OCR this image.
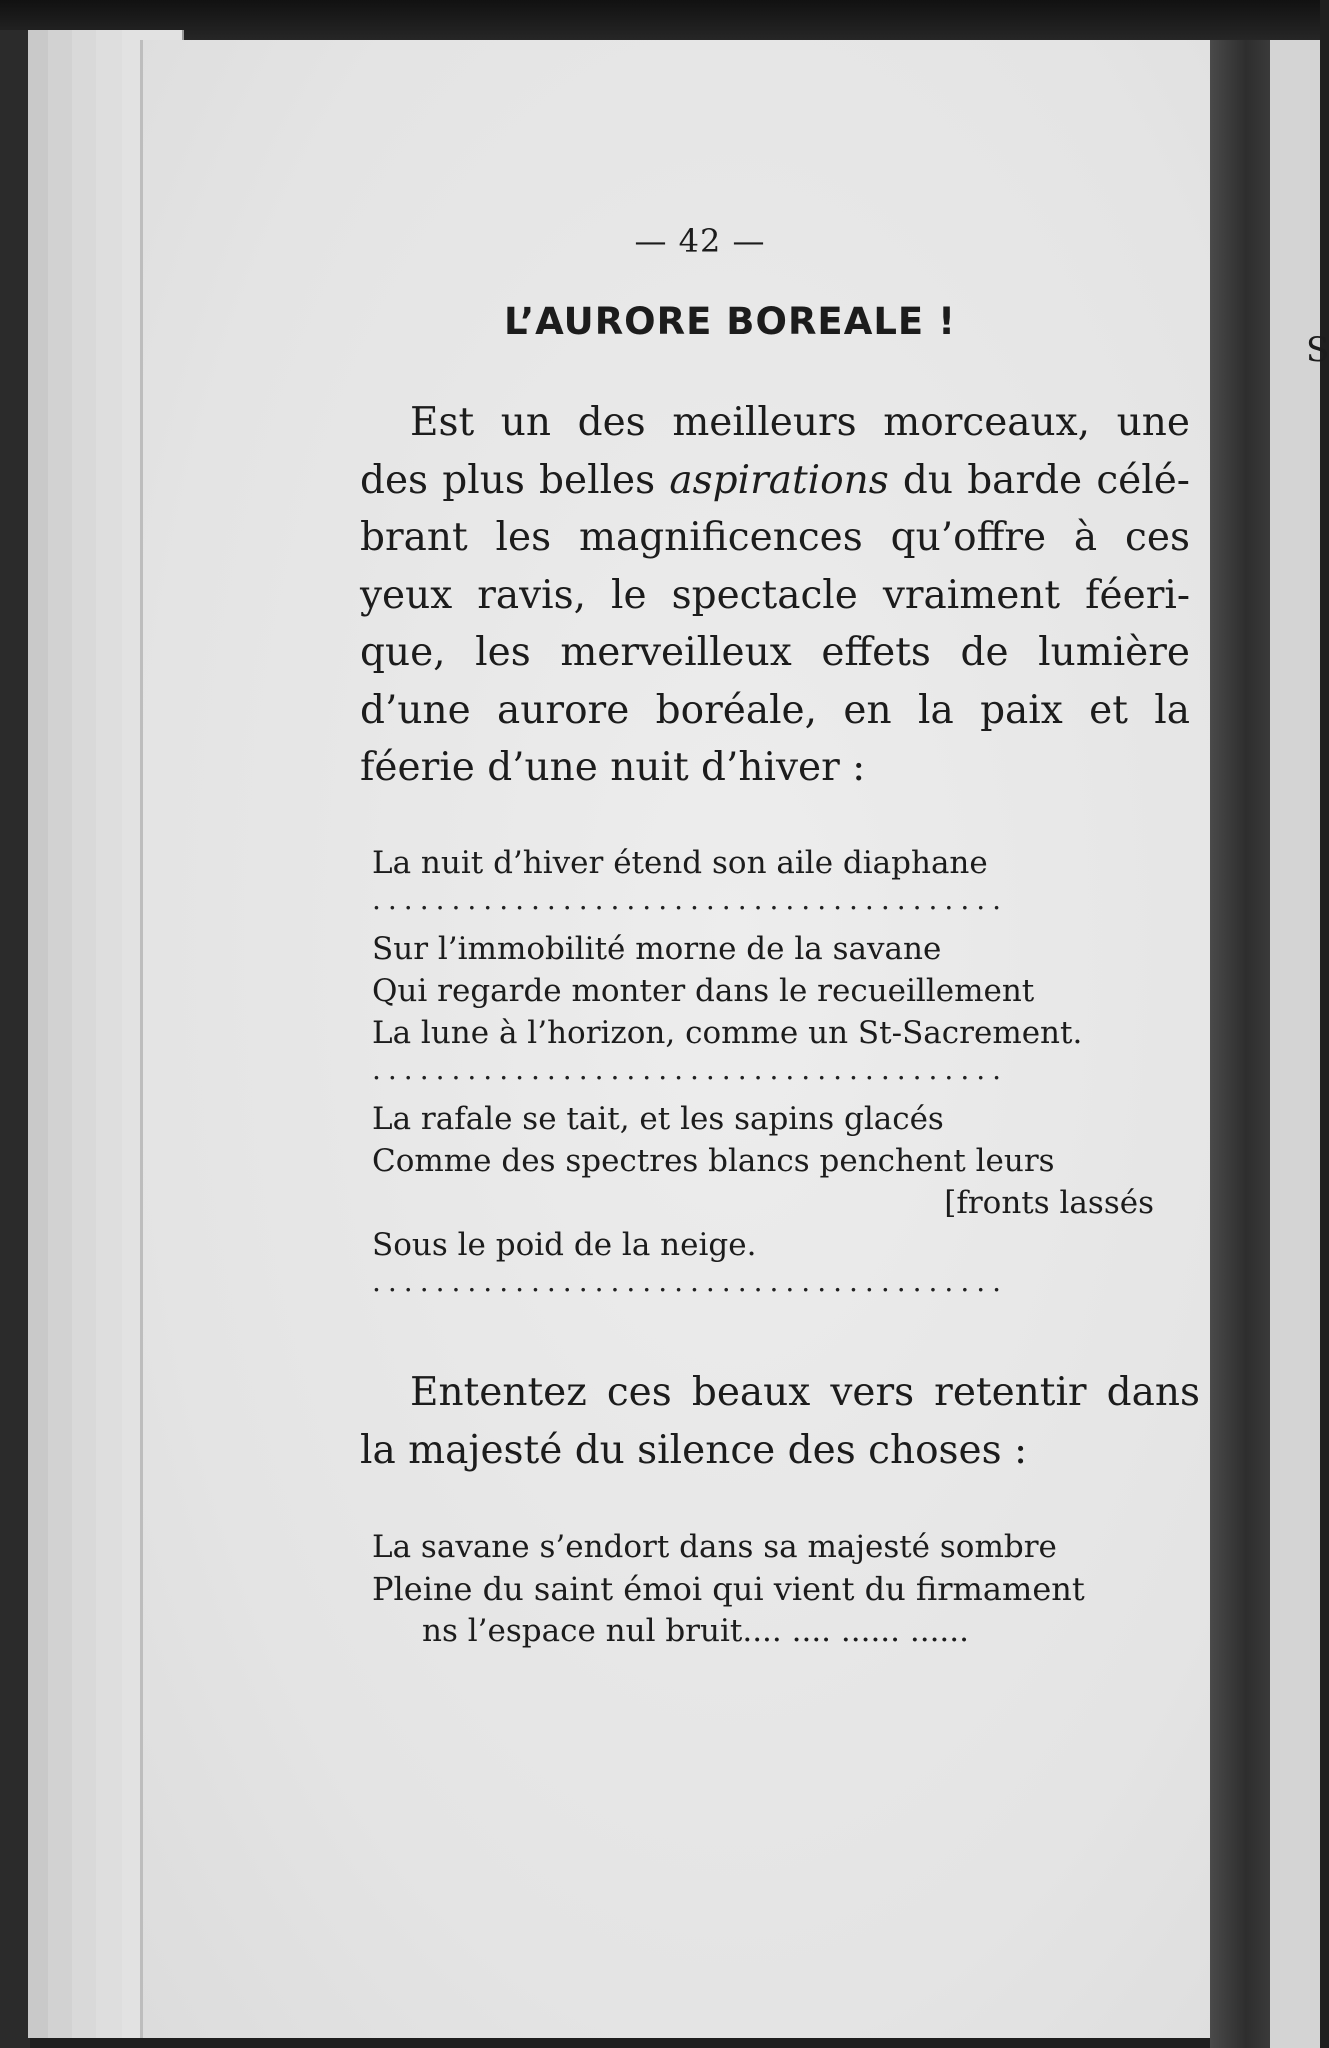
S
— 42 —
L’AURORE BOREALE !
Est un des meilleurs morceaux, une
des plus belles aspirations du barde célé-
brant les magnificences qu’offre à ces
yeux ravis, le spectacle vraiment féeri-
que, les merveilleux effets de lumière
d’une aurore boréale, en la paix et la
féerie d’une nuit d’hiver :
La nuit d’hiver étend son aile diaphane
........................................
Sur l’immobilité morne de la savane
Qui regarde monter dans le recueillement
La lune à l’horizon, comme un St-Sacrement.
........................................
La rafale se tait, et les sapins glacés
Comme des spectres blancs penchent leurs
[fronts lassés
Sous le poid de la neige.
........................................
Ententez ces beaux vers retentir dans
la majesté du silence des choses :
La savane s’endort dans sa majesté sombre
Pleine du saint émoi qui vient du firmament
ns l’espace nul bruit.... .... ...... ......
